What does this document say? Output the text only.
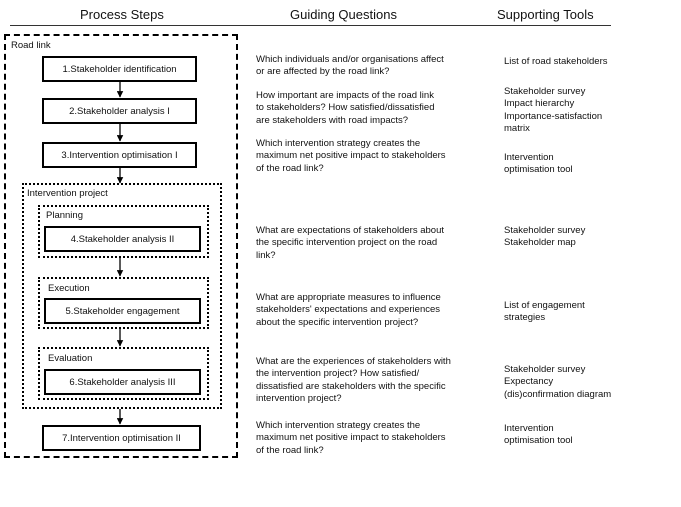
Process Steps	Guiding Questions	Supporting Tools
Road link
Intervention project
Planning
Execution
Evaluation
1.Stakeholder identification
2.Stakeholder analysis I
3.Intervention optimisation I
4.Stakeholder analysis II
5.Stakeholder engagement
6.Stakeholder analysis III
7.Intervention optimisation II
Which individuals and/or organisations affect
or are affected by the road link?
How important are impacts of the road link
to stakeholders? How satisfied/dissatisfied
are stakeholders with road impacts?
Which intervention strategy creates the
maximum net positive impact to stakeholders
of the road link?
What are expectations of stakeholders about
the specific intervention project on the road
link?
What are appropriate measures to influence
stakeholders' expectations and experiences
about the specific intervention project?
What are the experiences of stakeholders with
the intervention project? How satisfied/
dissatisfied are stakeholders with the specific
intervention project?
Which intervention strategy creates the
maximum net positive impact to stakeholders
of the road link?
List of road stakeholders
Stakeholder survey
Impact hierarchy
Importance-satisfaction
matrix
Intervention
optimisation tool
Stakeholder survey
Stakeholder map
List of engagement
strategies
Stakeholder survey
Expectancy
(dis)confirmation diagram
Intervention
optimisation tool
